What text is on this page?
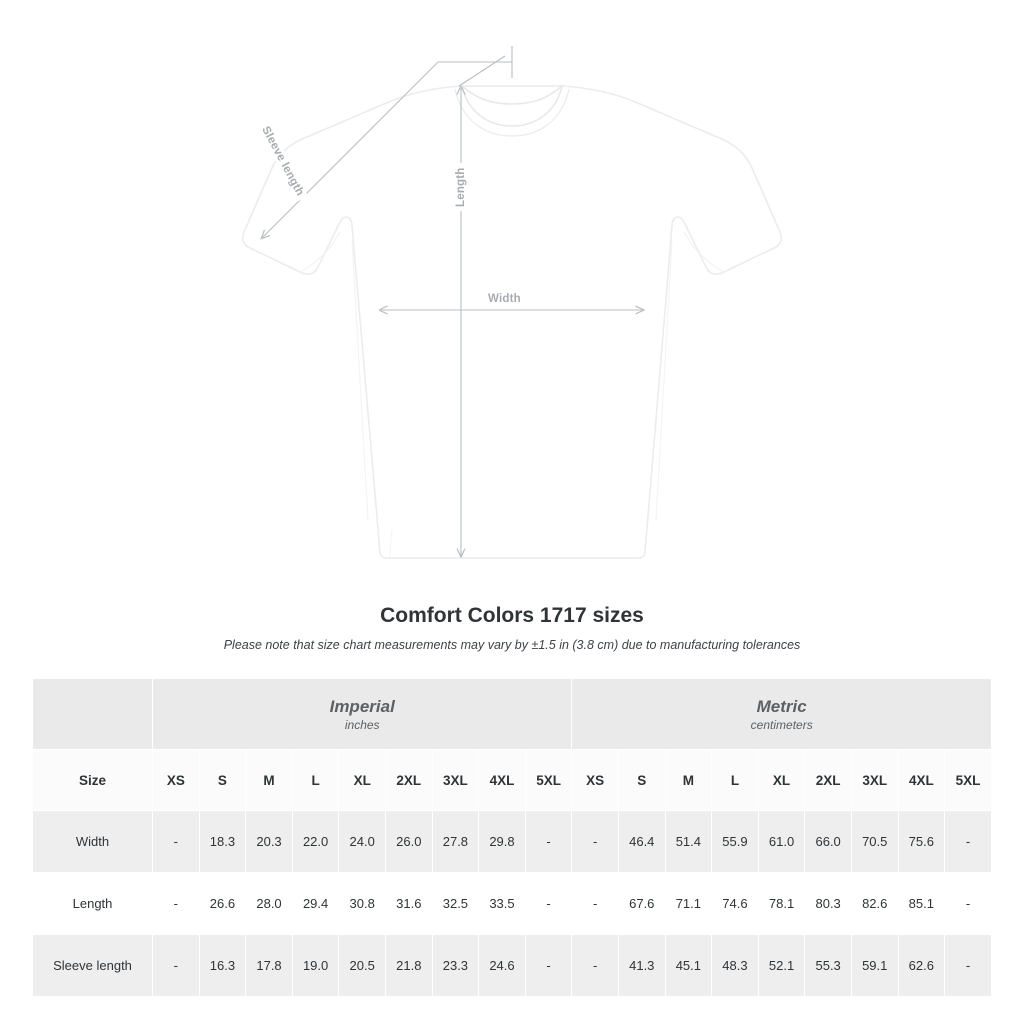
Width
Length
Sleeve length
Comfort Colors 1717 sizes

Please note that size chart measurements may vary by ±1.5 in (3.8 cm) due to manufacturing tolerances

	Imperial
inches									Metric
centimeters								

Size	XS	S	M	L	XL	2XL	3XL	4XL	5XL	XS	S	M	L	XL	2XL	3XL	4XL	5XL
Width	-	18.3	20.3	22.0	24.0	26.0	27.8	29.8	-	-	46.4	51.4	55.9	61.0	66.0	70.5	75.6	-
Length	-	26.6	28.0	29.4	30.8	31.6	32.5	33.5	-	-	67.6	71.1	74.6	78.1	80.3	82.6	85.1	-
Sleeve length	-	16.3	17.8	19.0	20.5	21.8	23.3	24.6	-	-	41.3	45.1	48.3	52.1	55.3	59.1	62.6	-
